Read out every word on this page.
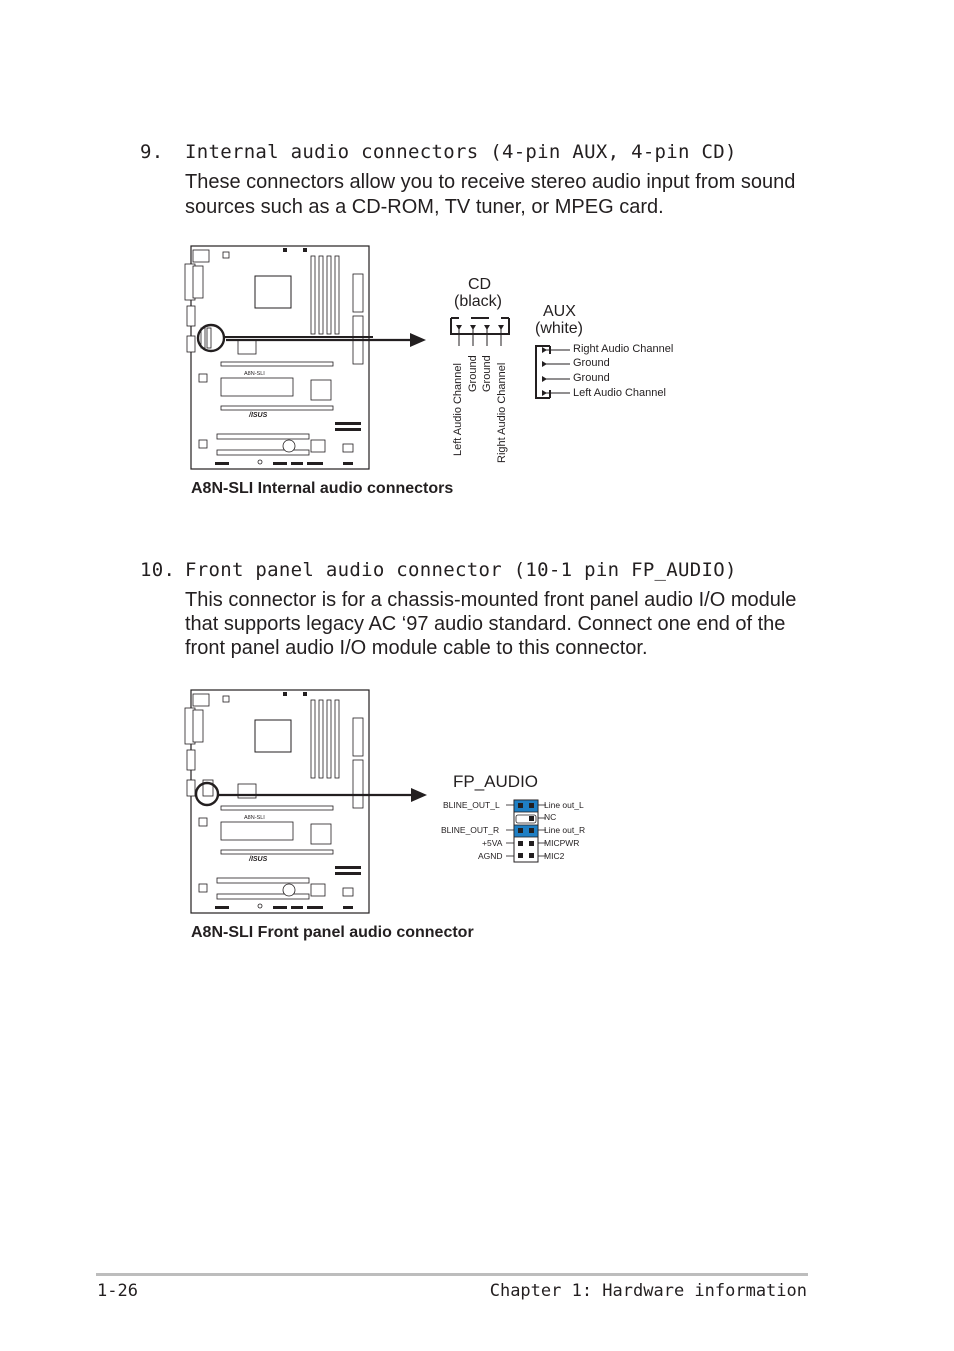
9. Internal audio connectors (4-pin AUX, 4-pin CD)
These connectors allow you to receive stereo audio input from sound
sources such as a CD-ROM, TV tuner, or MPEG card.
A8N-SLI
/ISUS
CD
(black)
Left Audio Channel Ground Ground Right Audio Channel
AUX
(white)
Right Audio Channel
Ground
Ground
Left Audio Channel
A8N-SLI Internal audio connectors
10. Front panel audio connector (10-1 pin FP_AUDIO)
This connector is for a chassis-mounted front panel audio I/O module
that supports legacy AC ‘97 audio standard. Connect one end of the
front panel audio I/O module cable to this connector.
A8N-SLI
/ISUS
FP_AUDIO
BLINE_OUT_L
BLINE_OUT_R
+5VA
AGND
Line out_L
NC
Line out_R
MICPWR
MIC2
A8N-SLI Front panel audio connector
1-26	Chapter 1: Hardware information
